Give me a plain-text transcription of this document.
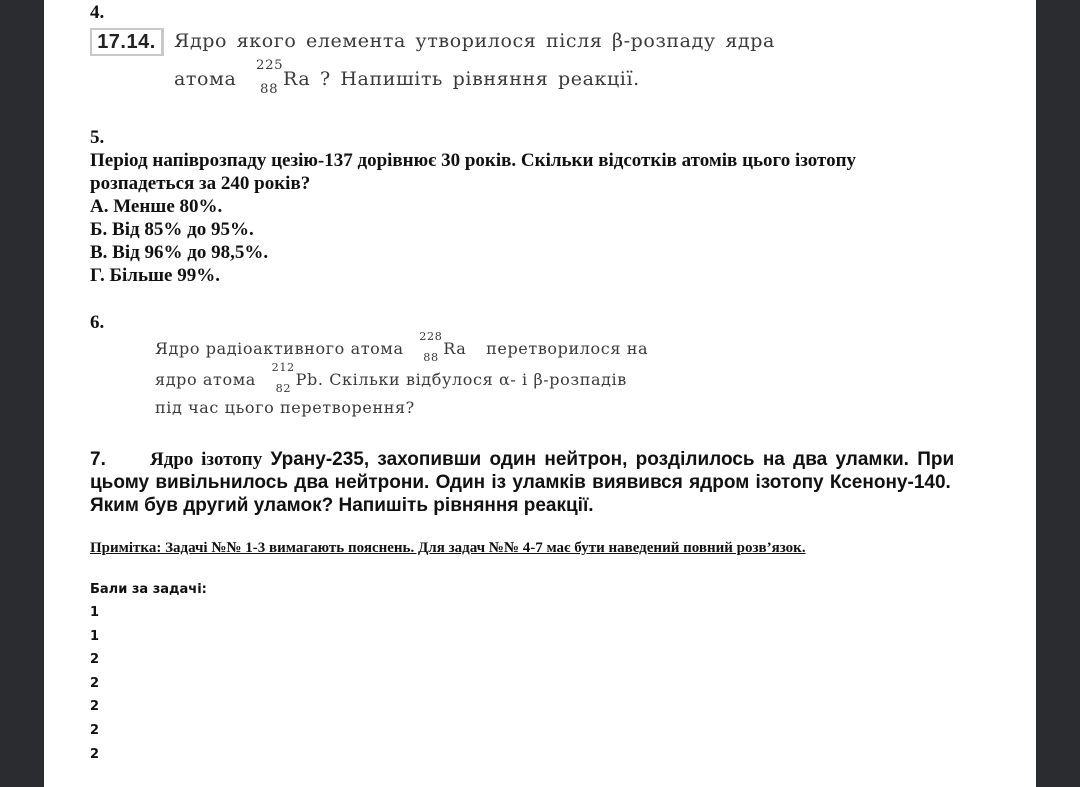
4.
17.14. Ядро якого елемента утворилося після β-розпаду ядра
атома
225
88 Ra ? Напишіть рівняння реакції.
5.
Період напіврозпаду цезію-137 дорівнює 30 років. Скільки відсотків атомів цього ізотопу
розпадеться за 240 років?
А. Менше 80%.
Б. Від 85% до 95%.
В. Від 96% до 98,5%.
Г. Більше 99%.
6.
Ядро радіоактивного атома
228
88 Ra перетворилося на
ядро атома
212
82 Pb. Скільки відбулося α- і β-розпадів
під час цього перетворення?
7. Ядро ізотопу Урану-235, захопивши один нейтрон, розділилось на два уламки. При
цьому вивільнилось два нейтрони. Один із уламків виявився ядром ізотопу Ксенону-140.
Яким був другий уламок? Напишіть рівняння реакції.
Примітка: Задачі №№ 1-3 вимагають пояснень. Для задач №№ 4-7 має бути наведений повний розв’язок.
Бали за задачі:
1
1
2
2
2
2
2
